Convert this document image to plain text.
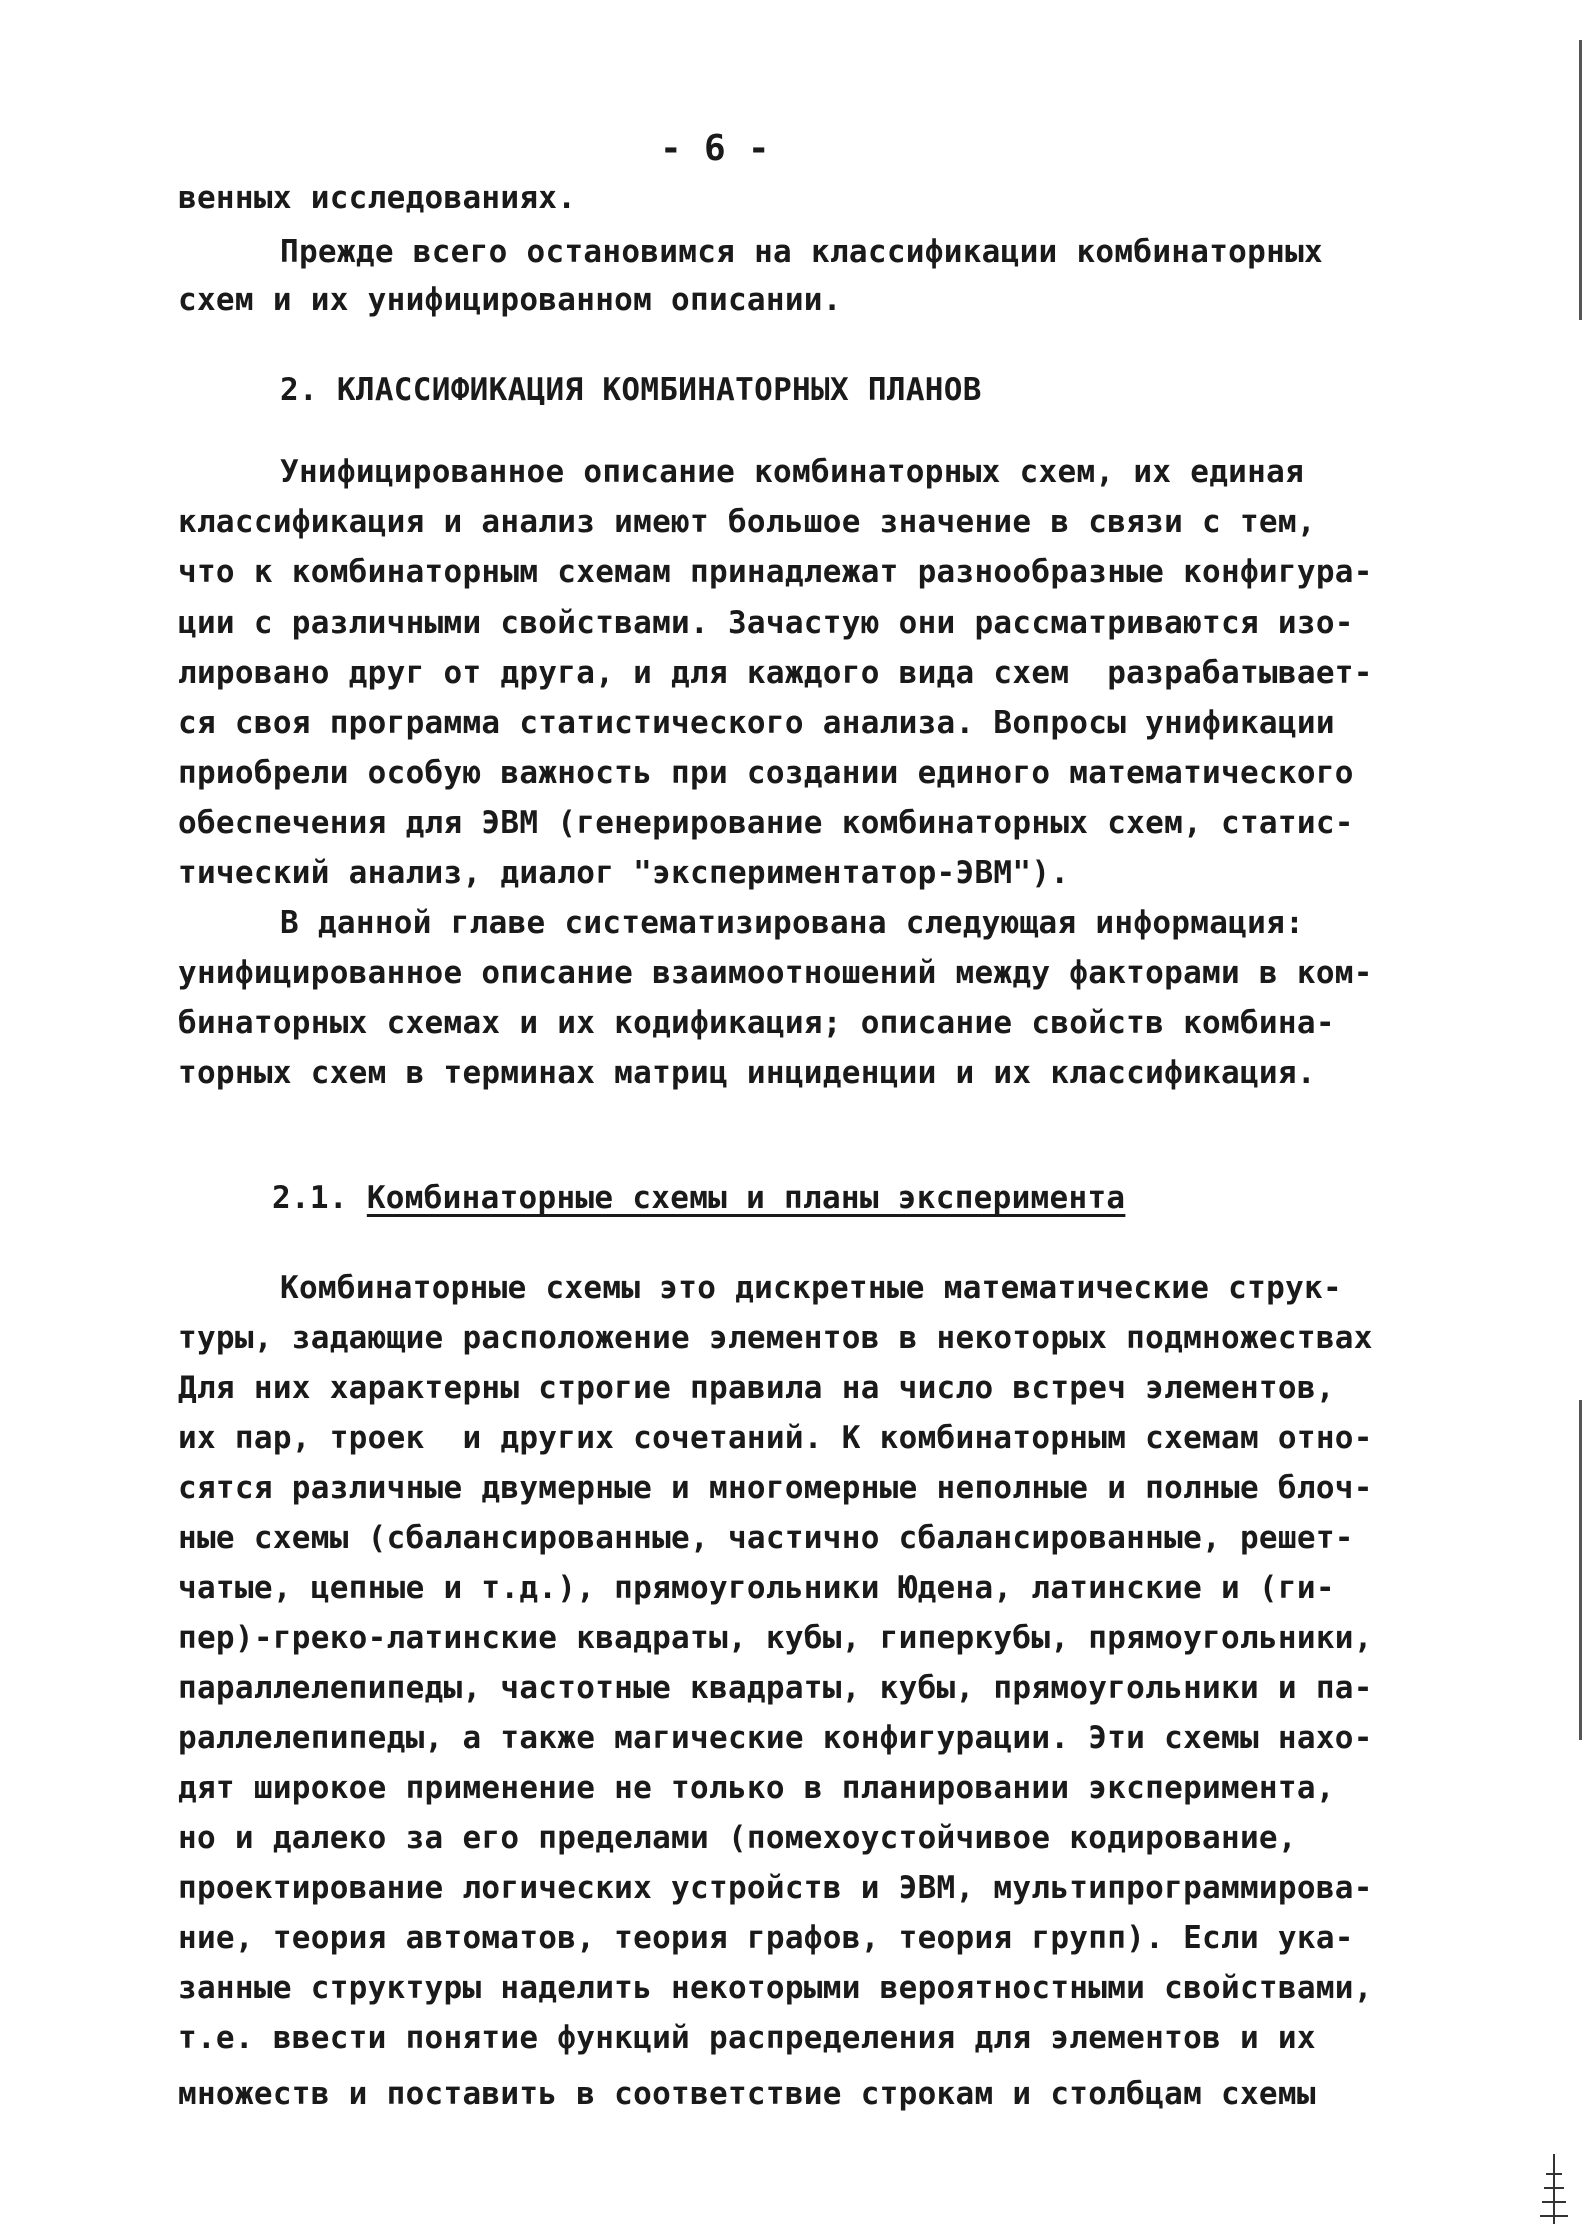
- 6 -
венных исследованиях.
Прежде всего остановимся на классификации комбинаторных
схем и их унифицированном описании.
2. КЛАССИФИКАЦИЯ КОМБИНАТОРНЫХ ПЛАНОВ
Унифицированное описание комбинаторных схем, их единая
классификация и анализ имеют большое значение в связи с тем,
что к комбинаторным схемам принадлежат разнообразные конфигура-
ции с различными свойствами. Зачастую они рассматриваются изо-
лировано друг от друга, и для каждого вида схем  разрабатывает-
ся своя программа статистического анализа. Вопросы унификации
приобрели особую важность при создании единого математического
обеспечения для ЭВМ (генерирование комбинаторных схем, статис-
тический анализ, диалог "экспериментатор-ЭВМ").
В данной главе систематизирована следующая информация:
унифицированное описание взаимоотношений между факторами в ком-
бинаторных схемах и их кодификация; описание свойств комбина-
торных схем в терминах матриц инциденции и их классификация.
2.1. Комбинаторные схемы и планы эксперимента
Комбинаторные схемы это дискретные математические струк-
туры, задающие расположение элементов в некоторых подмножествах
Для них характерны строгие правила на число встреч элементов,
их пар, троек  и других сочетаний. К комбинаторным схемам отно-
сятся различные двумерные и многомерные неполные и полные блоч-
ные схемы (сбалансированные, частично сбалансированные, решет-
чатые, цепные и т.д.), прямоугольники Юдена, латинские и (ги-
пер)-греко-латинские квадраты, кубы, гиперкубы, прямоугольники,
параллелепипеды, частотные квадраты, кубы, прямоугольники и па-
раллелепипеды, а также магические конфигурации. Эти схемы нахо-
дят широкое применение не только в планировании эксперимента,
но и далеко за его пределами (помехоустойчивое кодирование,
проектирование логических устройств и ЭВМ, мультипрограммирова-
ние, теория автоматов, теория графов, теория групп). Если ука-
занные структуры наделить некоторыми вероятностными свойствами,
т.е. ввести понятие функций распределения для элементов и их
множеств и поставить в соответствие строкам и столбцам схемы
